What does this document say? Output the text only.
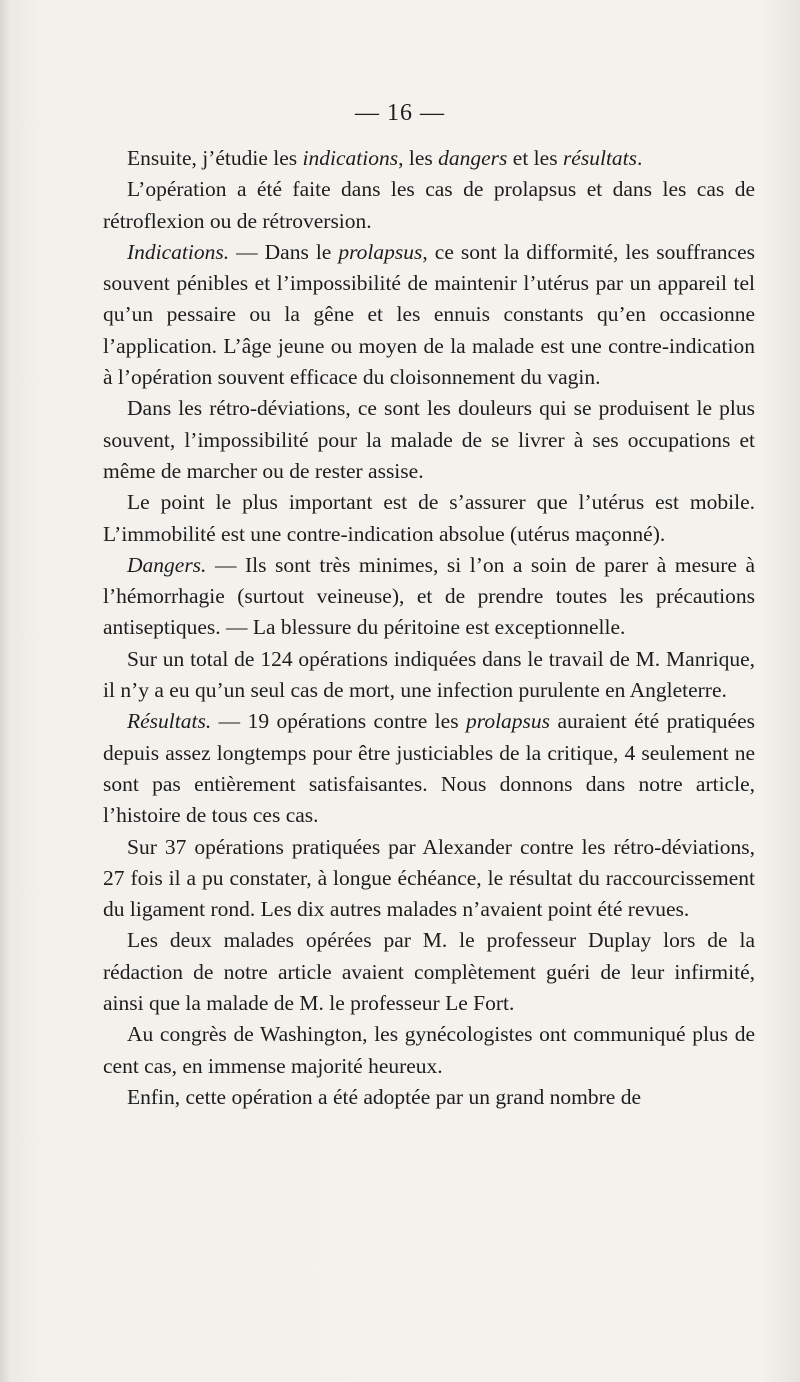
— 16 —

Ensuite, j’étudie les indications, les dangers et les résultats.

L’opération a été faite dans les cas de prolapsus et dans les cas de rétroflexion ou de rétroversion.

Indications. — Dans le prolapsus, ce sont la difformité, les souffrances souvent pénibles et l’impossibilité de maintenir l’utérus par un appareil tel qu’un pessaire ou la gêne et les ennuis constants qu’en occasionne l’application. L’âge jeune ou moyen de la malade est une contre-indication à l’opération souvent efficace du cloisonnement du vagin.

Dans les rétro-déviations, ce sont les douleurs qui se produisent le plus souvent, l’impossibilité pour la malade de se livrer à ses occupations et même de marcher ou de rester assise.

Le point le plus important est de s’assurer que l’utérus est mobile. L’immobilité est une contre-indication absolue (utérus maçonné).

Dangers. — Ils sont très minimes, si l’on a soin de parer à mesure à l’hémorrhagie (surtout veineuse), et de prendre toutes les précautions antiseptiques. — La blessure du péritoine est exceptionnelle.

Sur un total de 124 opérations indiquées dans le travail de M. Manrique, il n’y a eu qu’un seul cas de mort, une infection purulente en Angleterre.

Résultats. — 19 opérations contre les prolapsus auraient été pratiquées depuis assez longtemps pour être justiciables de la critique, 4 seulement ne sont pas entièrement satisfaisantes. Nous donnons dans notre article, l’histoire de tous ces cas.

Sur 37 opérations pratiquées par Alexander contre les rétro-déviations, 27 fois il a pu constater, à longue échéance, le résultat du raccourcissement du ligament rond. Les dix autres malades n’avaient point été revues.

Les deux malades opérées par M. le professeur Duplay lors de la rédaction de notre article avaient complètement guéri de leur infirmité, ainsi que la malade de M. le professeur Le Fort.

Au congrès de Washington, les gynécologistes ont communiqué plus de cent cas, en immense majorité heureux.

Enfin, cette opération a été adoptée par un grand nombre de
